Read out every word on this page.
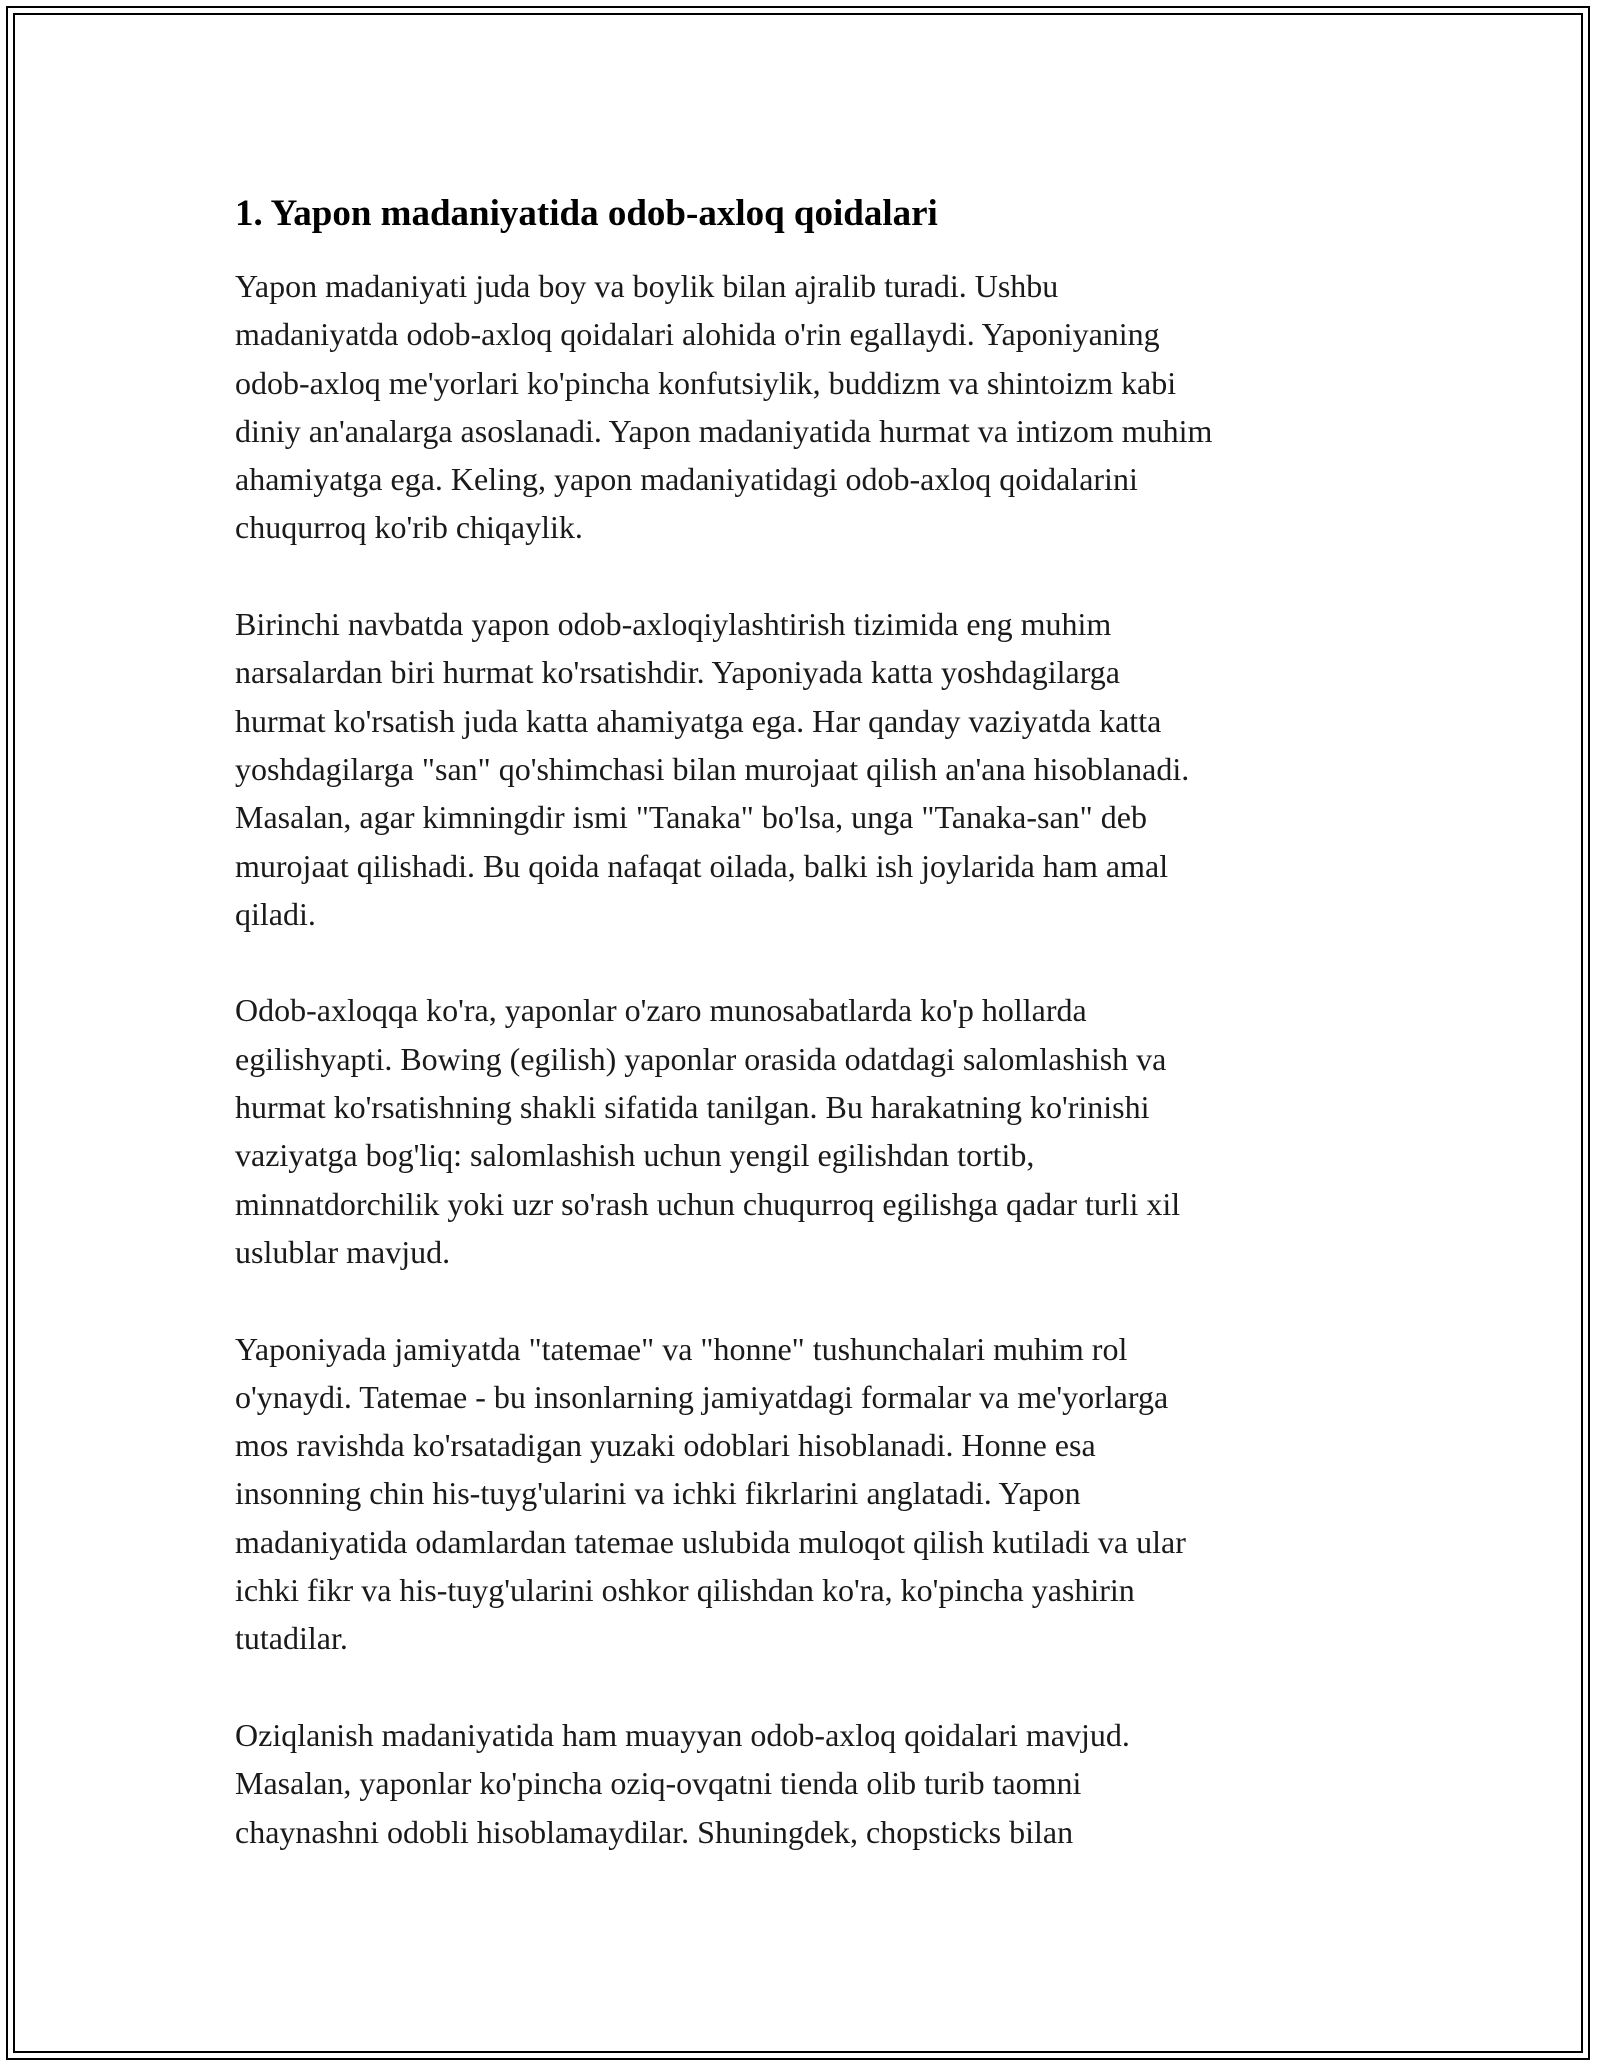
1. Yapon madaniyatida odob-axloq qoidalari
Yapon madaniyati juda boy va boylik bilan ajralib turadi. Ushbu
madaniyatda odob-axloq qoidalari alohida o'rin egallaydi. Yaponiyaning
odob-axloq me'yorlari ko'pincha konfutsiylik, buddizm va shintoizm kabi
diniy an'analarga asoslanadi. Yapon madaniyatida hurmat va intizom muhim
ahamiyatga ega. Keling, yapon madaniyatidagi odob-axloq qoidalarini
chuqurroq ko'rib chiqaylik.
Birinchi navbatda yapon odob-axloqiylashtirish tizimida eng muhim
narsalardan biri hurmat ko'rsatishdir. Yaponiyada katta yoshdagilarga
hurmat ko'rsatish juda katta ahamiyatga ega. Har qanday vaziyatda katta
yoshdagilarga "san" qo'shimchasi bilan murojaat qilish an'ana hisoblanadi.
Masalan, agar kimningdir ismi "Tanaka" bo'lsa, unga "Tanaka-san" deb
murojaat qilishadi. Bu qoida nafaqat oilada, balki ish joylarida ham amal
qiladi.
Odob-axloqqa ko'ra, yaponlar o'zaro munosabatlarda ko'p hollarda
egilishyapti. Bowing (egilish) yaponlar orasida odatdagi salomlashish va
hurmat ko'rsatishning shakli sifatida tanilgan. Bu harakatning ko'rinishi
vaziyatga bog'liq: salomlashish uchun yengil egilishdan tortib,
minnatdorchilik yoki uzr so'rash uchun chuqurroq egilishga qadar turli xil
uslublar mavjud.
Yaponiyada jamiyatda "tatemae" va "honne" tushunchalari muhim rol
o'ynaydi. Tatemae - bu insonlarning jamiyatdagi formalar va me'yorlarga
mos ravishda ko'rsatadigan yuzaki odoblari hisoblanadi. Honne esa
insonning chin his-tuyg'ularini va ichki fikrlarini anglatadi. Yapon
madaniyatida odamlardan tatemae uslubida muloqot qilish kutiladi va ular
ichki fikr va his-tuyg'ularini oshkor qilishdan ko'ra, ko'pincha yashirin
tutadilar.
Oziqlanish madaniyatida ham muayyan odob-axloq qoidalari mavjud.
Masalan, yaponlar ko'pincha oziq-ovqatni tienda olib turib taomni
chaynashni odobli hisoblamaydilar. Shuningdek, chopsticks bilan
